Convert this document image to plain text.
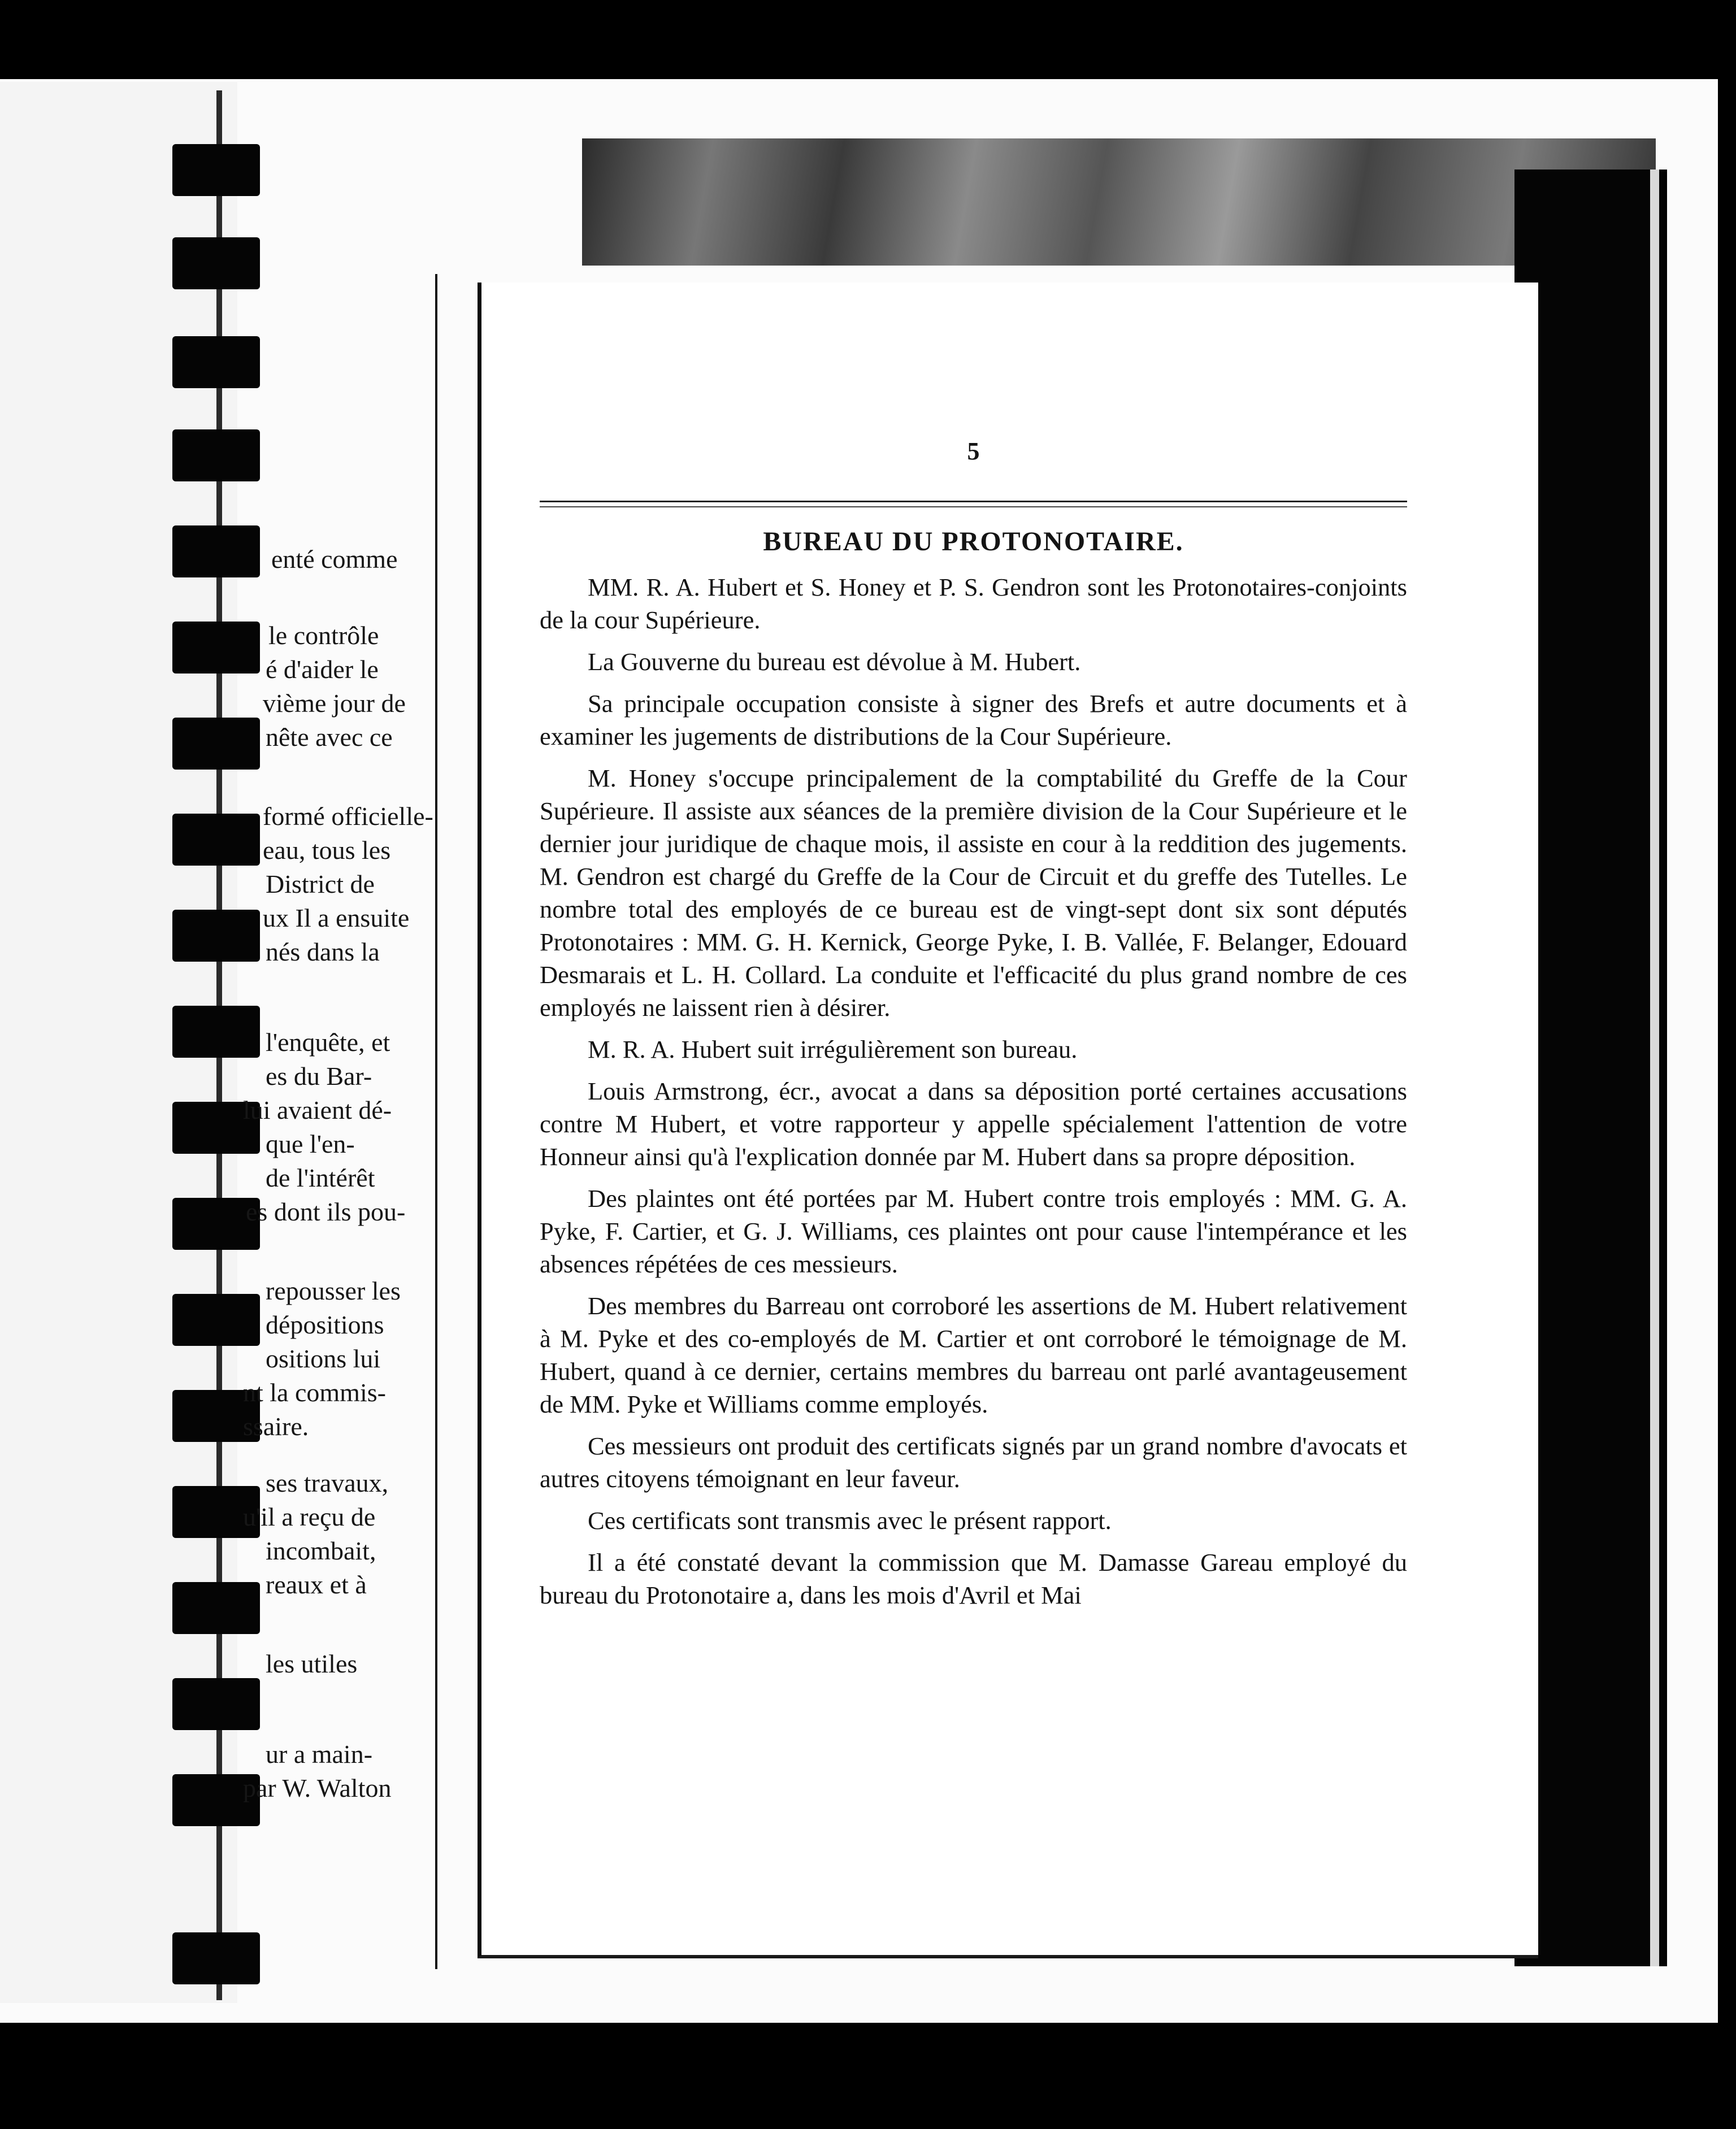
enté comme
le contrôle
é d'aider le
vième jour de
nête avec ce
formé officielle-
eau, tous les
District de
ux Il a ensuite
nés dans la
l'enquête, et
es du Bar-
lui avaient dé-
que l'en-
de l'intérêt
es dont ils pou-
repousser les
dépositions
ositions lui
nt la commis-
ssaire.
ses travaux,
u'il a reçu de
incombait,
reaux et à
les utiles
ur a main-
par W. Walton
5
BUREAU DU PROTONOTAIRE.

MM. R. A. Hubert et S. Honey et P. S. Gendron sont les Protonotaires-conjoints de la cour Supérieure.

La Gouverne du bureau est dévolue à M. Hubert.

Sa principale occupation consiste à signer des Brefs et autre documents et à examiner les jugements de distributions de la Cour Supérieure.

M. Honey s'occupe principalement de la comptabilité du Greffe de la Cour Supérieure. Il assiste aux séances de la première division de la Cour Supérieure et le dernier jour juridique de chaque mois, il assiste en cour à la reddition des jugements. M. Gendron est chargé du Greffe de la Cour de Circuit et du greffe des Tutelles. Le nombre total des employés de ce bureau est de vingt-sept dont six sont députés Protonotaires : MM. G. H. Kernick, George Pyke, I. B. Vallée, F. Belanger, Edouard Desmarais et L. H. Collard. La conduite et l'efficacité du plus grand nombre de ces employés ne laissent rien à désirer.

M. R. A. Hubert suit irrégulièrement son bureau.

Louis Armstrong, écr., avocat a dans sa déposition porté certaines accusations contre M Hubert, et votre rapporteur y appelle spécialement l'attention de votre Honneur ainsi qu'à l'explication donnée par M. Hubert dans sa propre déposition.

Des plaintes ont été portées par M. Hubert contre trois employés : MM. G. A. Pyke, F. Cartier, et G. J. Williams, ces plaintes ont pour cause l'intempérance et les absences répétées de ces messieurs.

Des membres du Barreau ont corroboré les assertions de M. Hubert relativement à M. Pyke et des co-employés de M. Cartier et ont corroboré le témoignage de M. Hubert, quand à ce dernier, certains membres du barreau ont parlé avantageusement de MM. Pyke et Williams comme employés.

Ces messieurs ont produit des certificats signés par un grand nombre d'avocats et autres citoyens témoignant en leur faveur.

Ces certificats sont transmis avec le présent rapport.

Il a été constaté devant la commission que M. Damasse Gareau employé du bureau du Protonotaire a, dans les mois d'Avril et Mai
